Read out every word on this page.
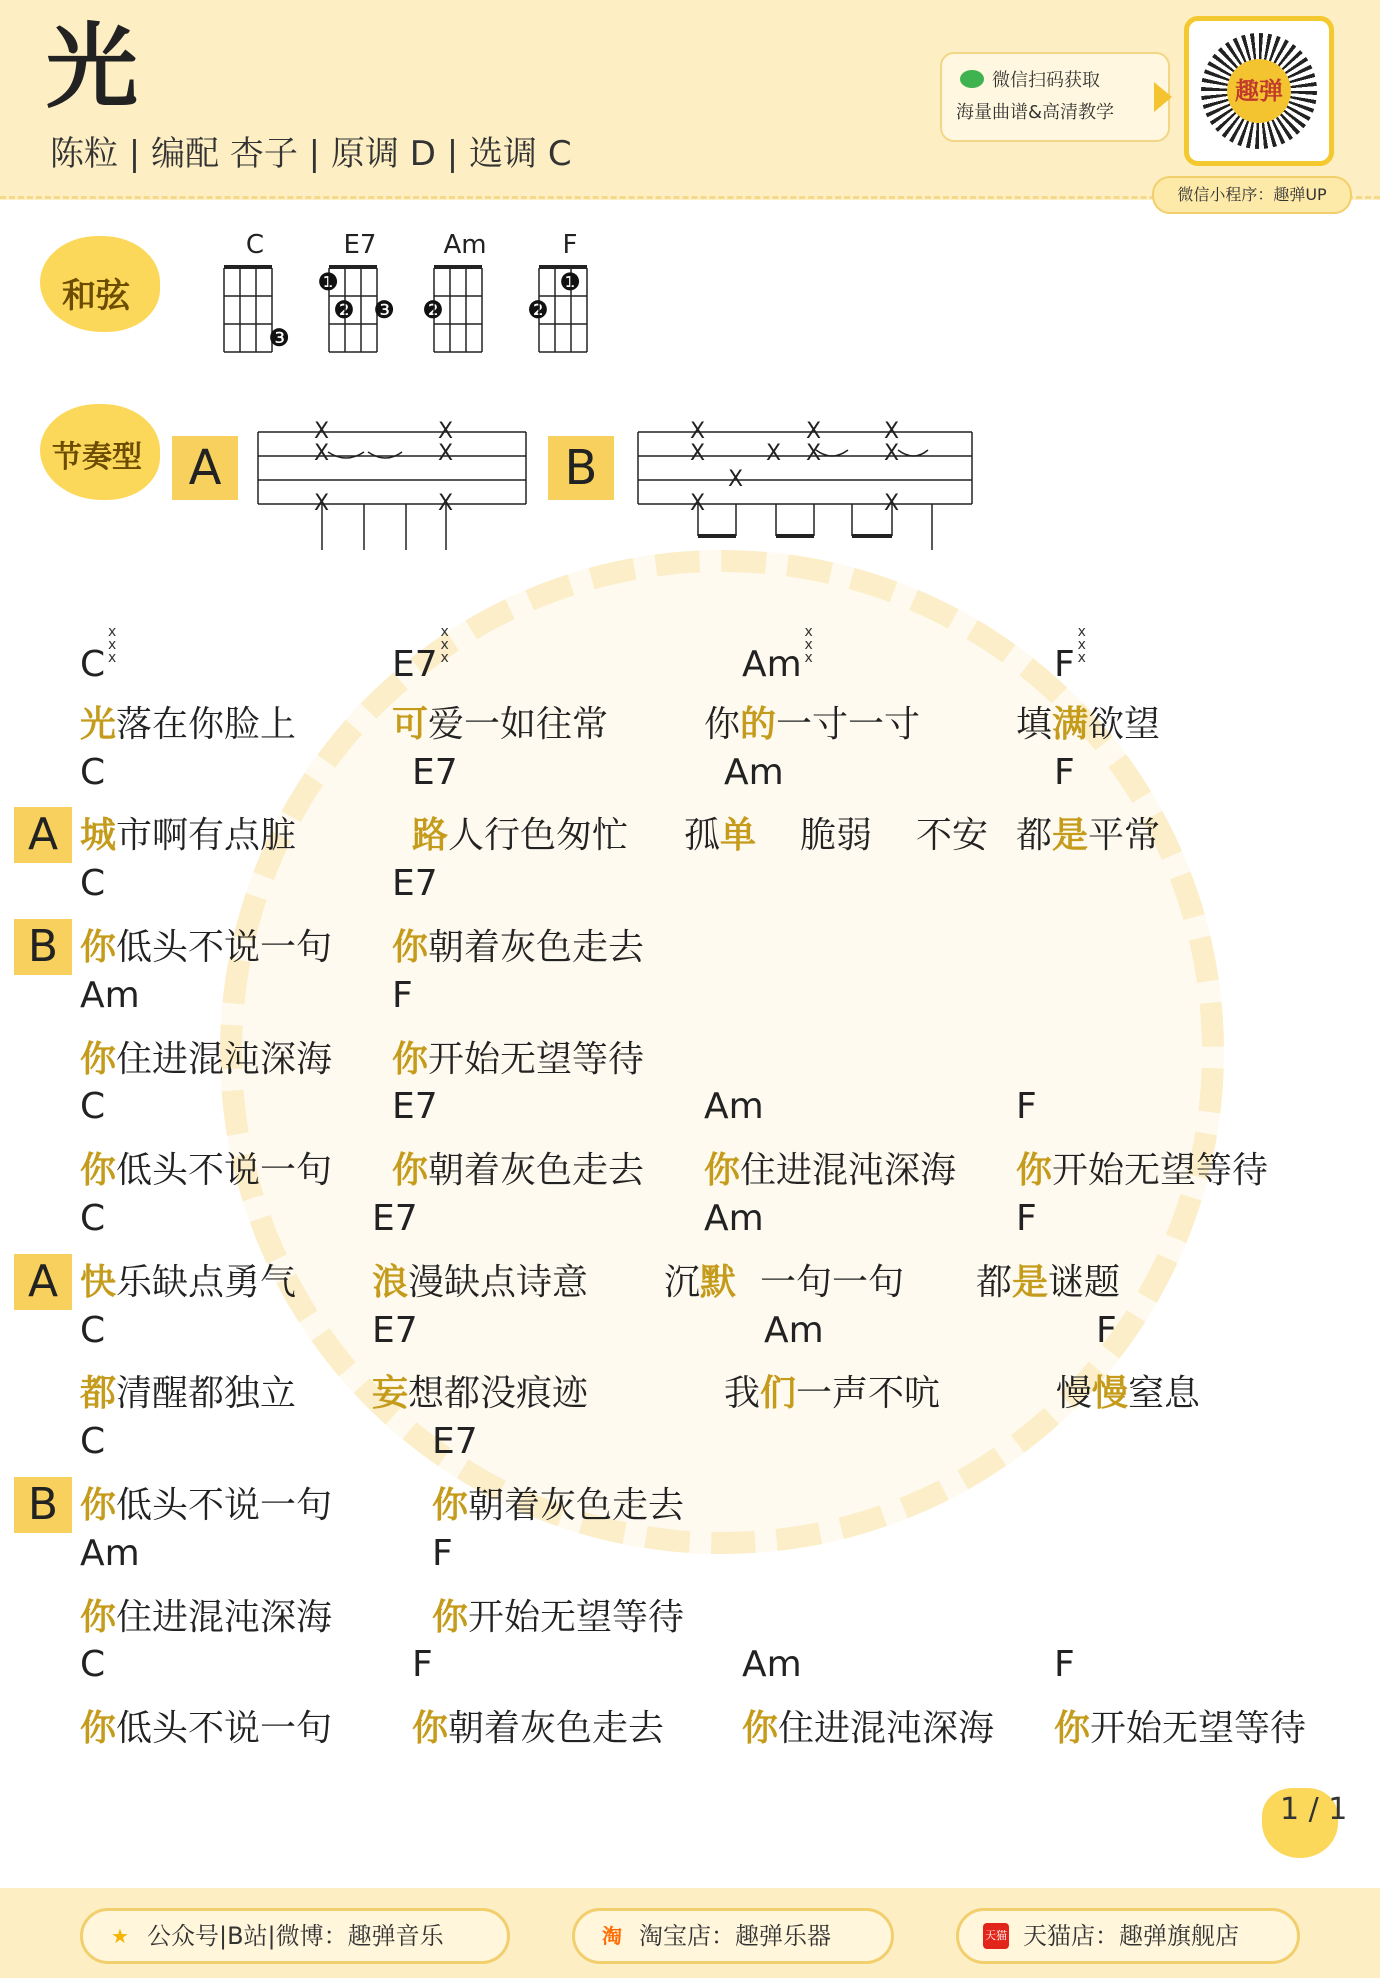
光
陈粒 | 编配 杏子 | 原调 D | 选调 C
微信扫码获取
海量曲谱&高清教学
趣弹
微信小程序：趣弹UP
和弦
C
❸
E7
❶
❷ ❸
Am
❷
F
❶
❷
节奏型 A
X
X
X
X
X
X
B
X
X
X
X
X
X
X
X
X
X
Cx
x
x	E7x
x
x	Amx
x
x	Fx
x
x
光落在你脸上	可爱一如往常	你的一寸一寸	填满欲望
C	E7	Am	F
A 城市啊有点脏	路人行色匆忙 孤单 脆弱 不安 都是平常
C	E7
B 你低头不说一句 你朝着灰色走去
Am	F
你住进混沌深海 你开始无望等待
C	E7	Am	F
你低头不说一句 你朝着灰色走去 你住进混沌深海 你开始无望等待
C	E7	Am	F
A 快乐缺点勇气 浪漫缺点诗意 沉默 一句一句 都是谜题
C	E7	Am	F
都清醒都独立 妄想都没痕迹	我们一声不吭	慢慢窒息
C	E7
B 你低头不说一句	你朝着灰色走去
Am	F
你住进混沌深海	你开始无望等待
C	F	Am	F
你低头不说一句 你朝着灰色走去 你住进混沌深海 你开始无望等待
1 / 1
★ 公众号|B站|微博：趣弹音乐	淘 淘宝店：趣弹乐器	天猫 天猫店：趣弹旗舰店
